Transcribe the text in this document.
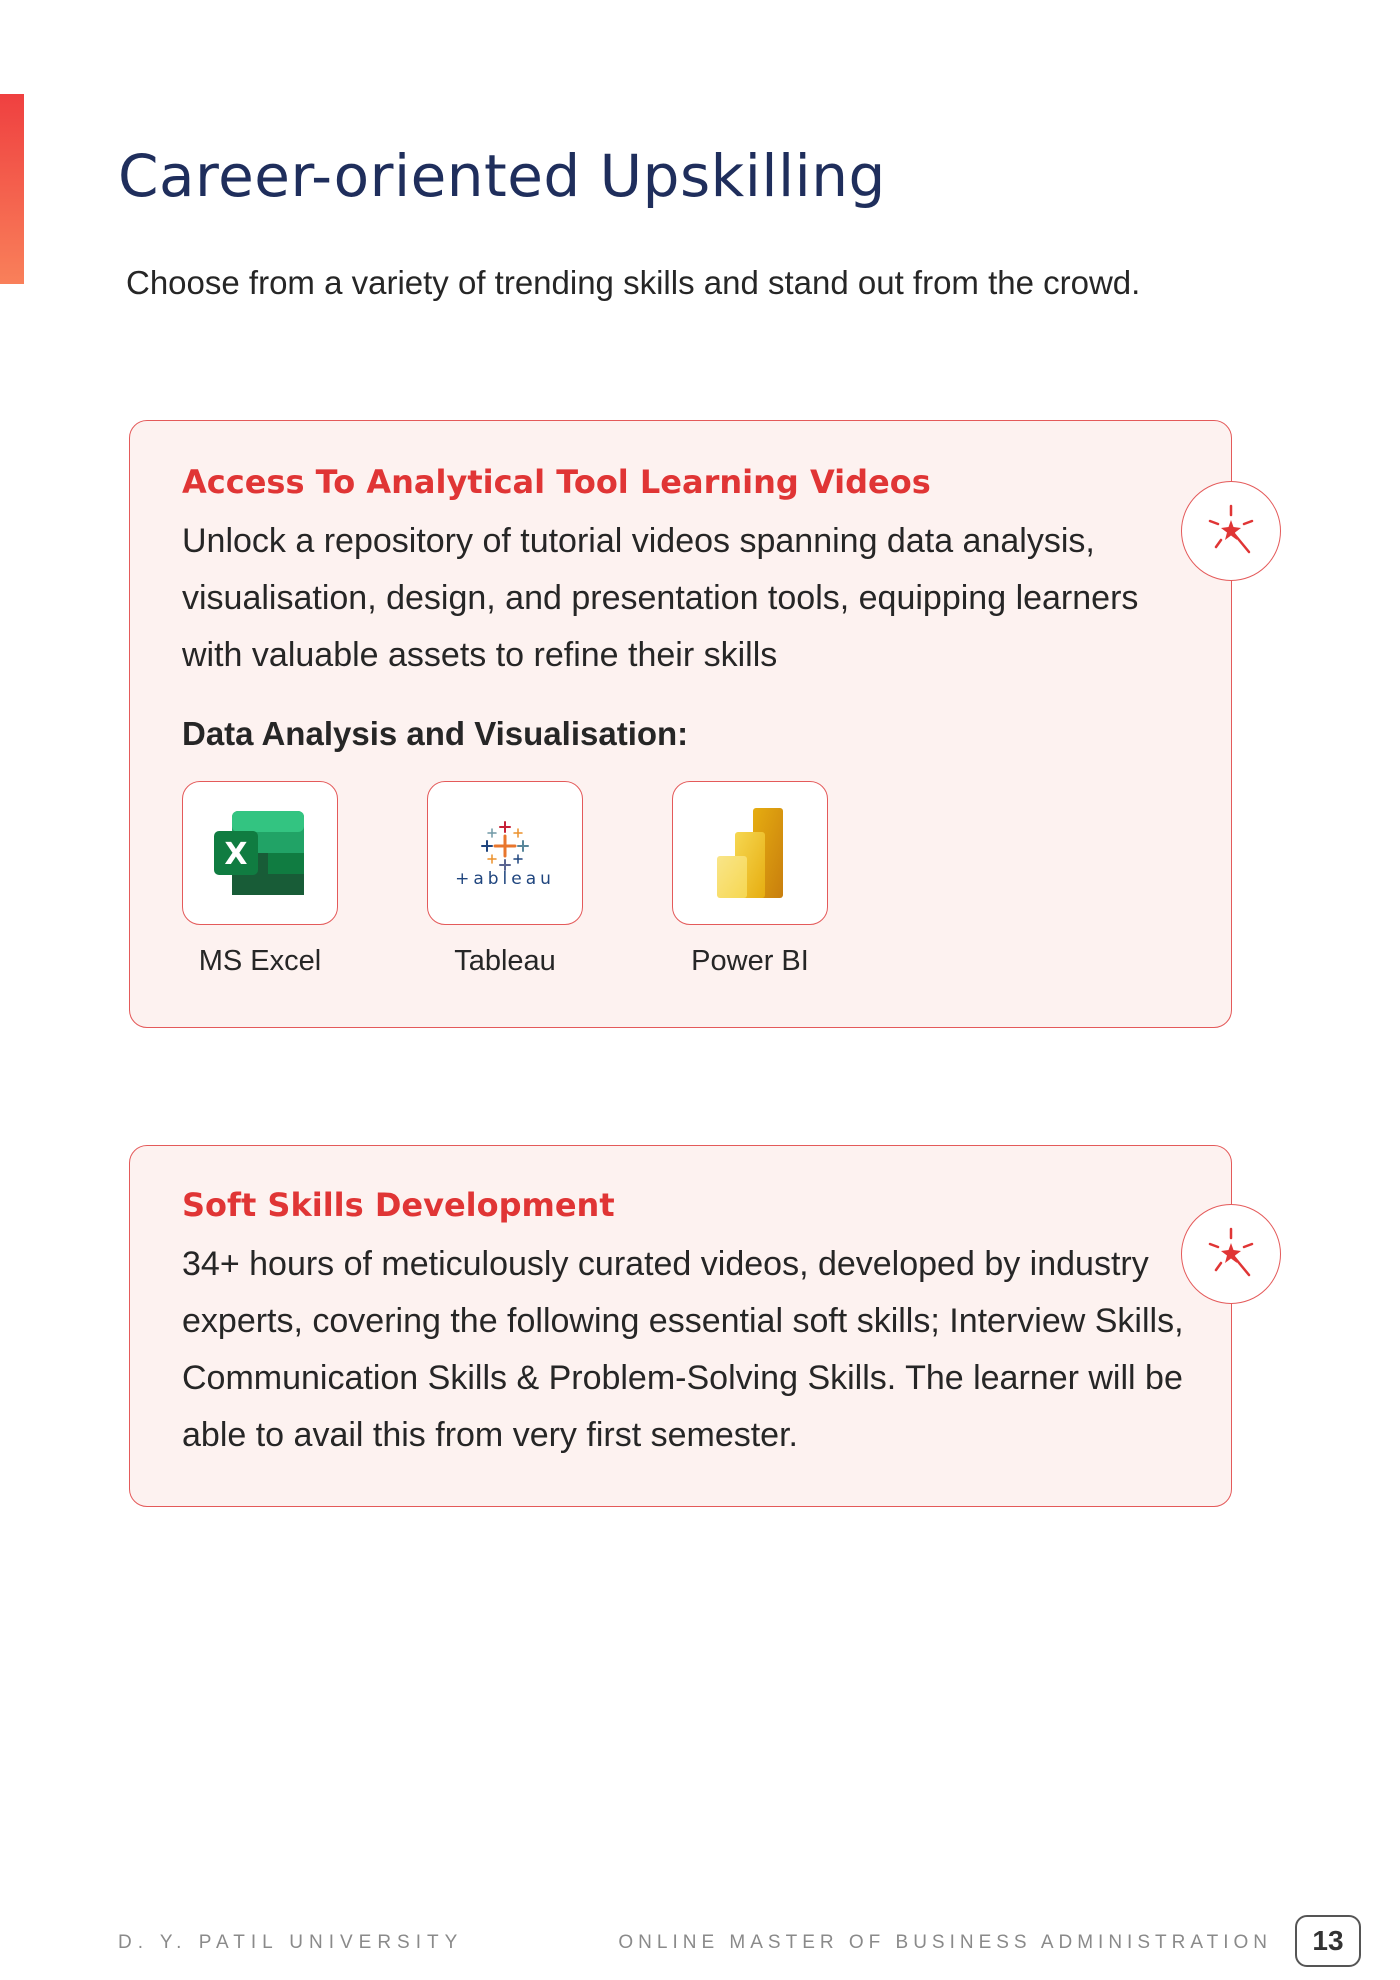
Career-oriented Upskilling

Choose from a variety of trending skills and stand out from the crowd.

Access To Analytical Tool Learning Videos

Unlock a repository of tutorial videos spanning data analysis, visualisation, design, and presentation tools, equipping learners with valuable assets to refine their skills

Data Analysis and Visualisation:
X
MS Excel
+ableau
Tableau	Power BI
Soft Skills Development

34+ hours of meticulously curated videos, developed by industry experts, covering the following essential soft skills; Interview Skills, Communication Skills & Problem-Solving Skills. The learner will be able to avail this from very first semester.

D. Y. PATIL UNIVERSITY	ONLINE MASTER OF BUSINESS ADMINISTRATION	13
